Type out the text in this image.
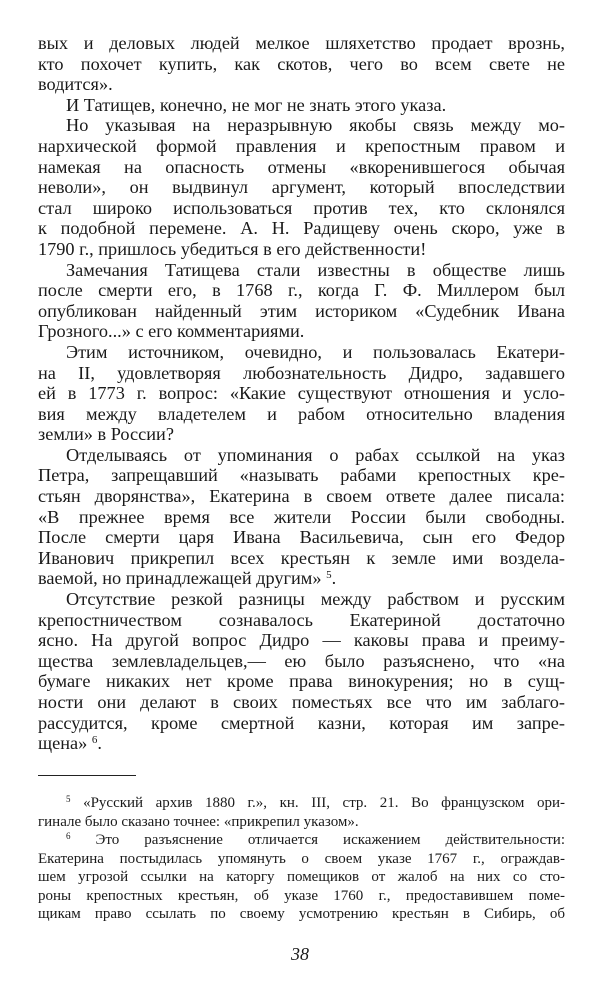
вых и деловых людей мелкое шляхетство продает врознь,
кто похочет купить, как скотов, чего во всем свете не
водится».
И Татищев, конечно, не мог не знать этого указа.
Но указывая на неразрывную якобы связь между мо-
нархической формой правления и крепостным правом и
намекая на опасность отмены «вкоренившегося обычая
неволи», он выдвинул аргумент, который впоследствии
стал широко использоваться против тех, кто склонялся
к подобной перемене. А. Н. Радищеву очень скоро, уже в
1790 г., пришлось убедиться в его действенности!
Замечания Татищева стали известны в обществе лишь
после смерти его, в 1768 г., когда Г. Ф. Миллером был
опубликован найденный этим историком «Судебник Ивана
Грозного...» с его комментариями.
Этим источником, очевидно, и пользовалась Екатери-
на II, удовлетворяя любознательность Дидро, задавшего
ей в 1773 г. вопрос: «Какие существуют отношения и усло-
вия между владетелем и рабом относительно владения
земли» в России?
Отделываясь от упоминания о рабах ссылкой на указ
Петра, запрещавший «называть рабами крепостных кре-
стьян дворянства», Екатерина в своем ответе далее писала:
«В прежнее время все жители России были свободны.
После смерти царя Ивана Васильевича, сын его Федор
Иванович прикрепил всех крестьян к земле ими воздела-
ваемой, но принадлежащей другим» $^5$.
Отсутствие резкой разницы между рабством и русским
крепостничеством сознавалось Екатериной достаточно
ясно. На другой вопрос Дидро — каковы права и преиму-
щества землевладельцев,— ею было разъяснено, что «на
бумаге никаких нет кроме права винокурения; но в сущ-
ности они делают в своих поместьях все что им заблаго-
рассудится, кроме смертной казни, которая им запре-
щена» $^6$.
$^5$ «Русский архив 1880 г.», кн. III, стр. 21. Во французском ори-
гинале было сказано точнее: «прикрепил указом».
$^6$ Это разъяснение отличается искажением действительности:
Екатерина постыдилась упомянуть о своем указе 1767 г., ограждав-
шем угрозой ссылки на каторгу помещиков от жалоб на них со сто-
роны крепостных крестьян, об указе 1760 г., предоставившем поме-
щикам право ссылать по своему усмотрению крестьян в Сибирь, об
38
